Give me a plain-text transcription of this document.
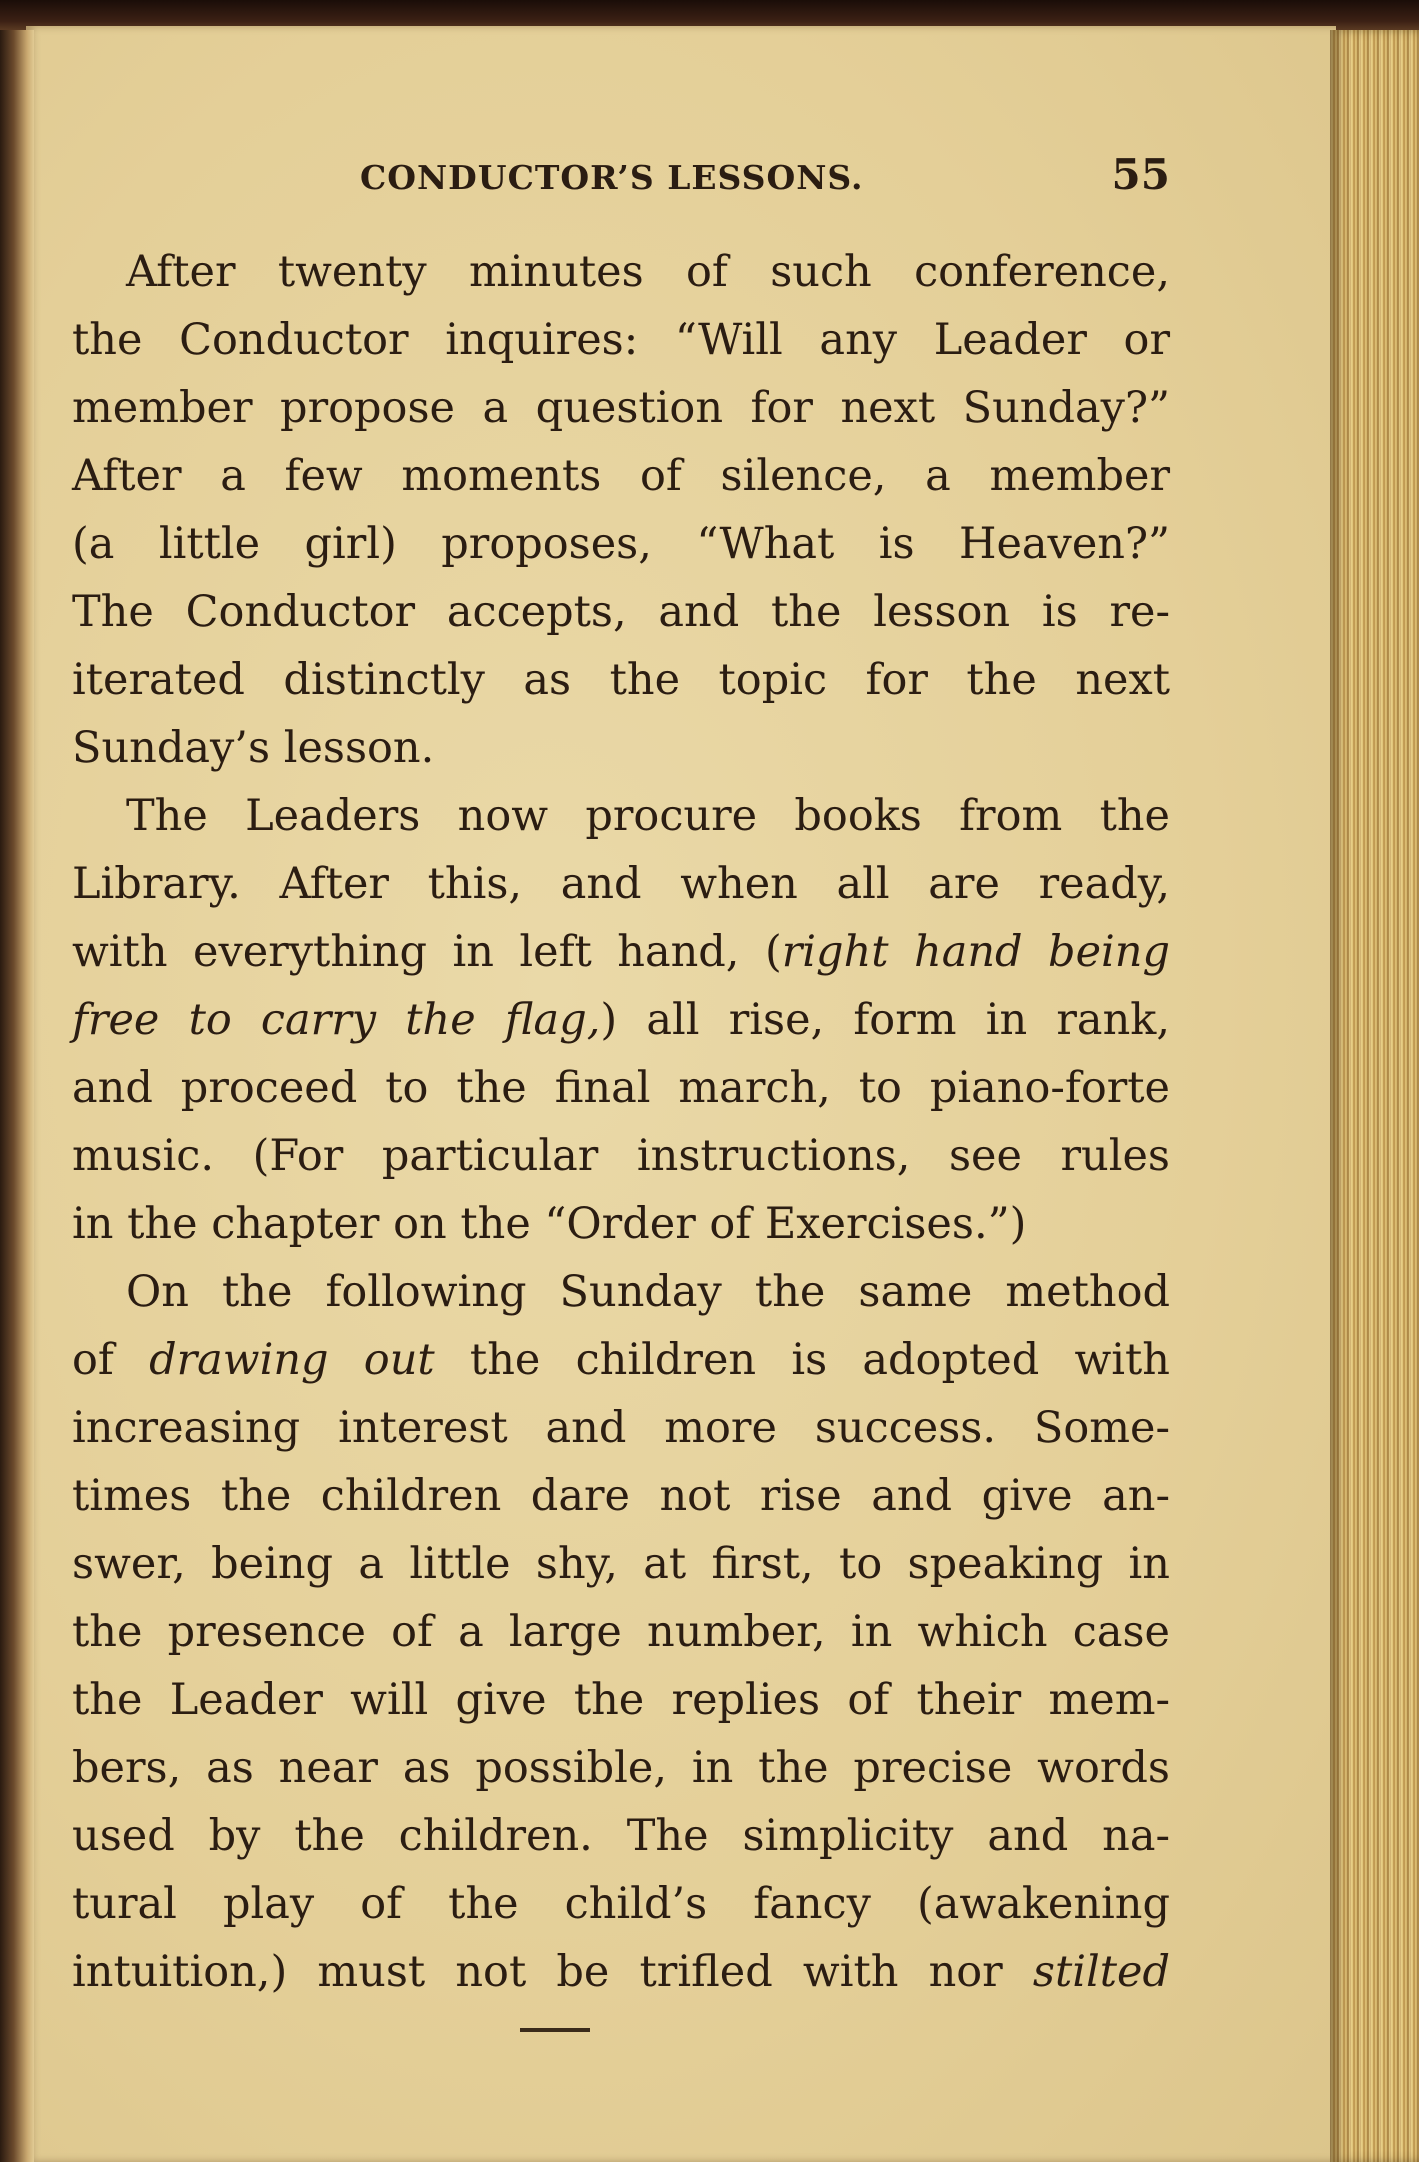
CONDUCTOR’S LESSONS.	55
After twenty minutes of such conference,
the Conductor inquires: “Will any Leader or
member propose a question for next Sunday?”
After a few moments of silence, a member
(a little girl) proposes, “What is Heaven?”
The Conductor accepts, and the lesson is re-
iterated distinctly as the topic for the next
Sunday’s lesson.
The Leaders now procure books from the
Library. After this, and when all are ready,
with everything in left hand, (right hand being
free to carry the flag,) all rise, form in rank,
and proceed to the final march, to piano-forte
music. (For particular instructions, see rules
in the chapter on the “Order of Exercises.”)
On the following Sunday the same method
of drawing out the children is adopted with
increasing interest and more success. Some-
times the children dare not rise and give an-
swer, being a little shy, at first, to speaking in
the presence of a large number, in which case
the Leader will give the replies of their mem-
bers, as near as possible, in the precise words
used by the children. The simplicity and na-
tural play of the child’s fancy (awakening
intuition,) must not be trifled with nor stilted
